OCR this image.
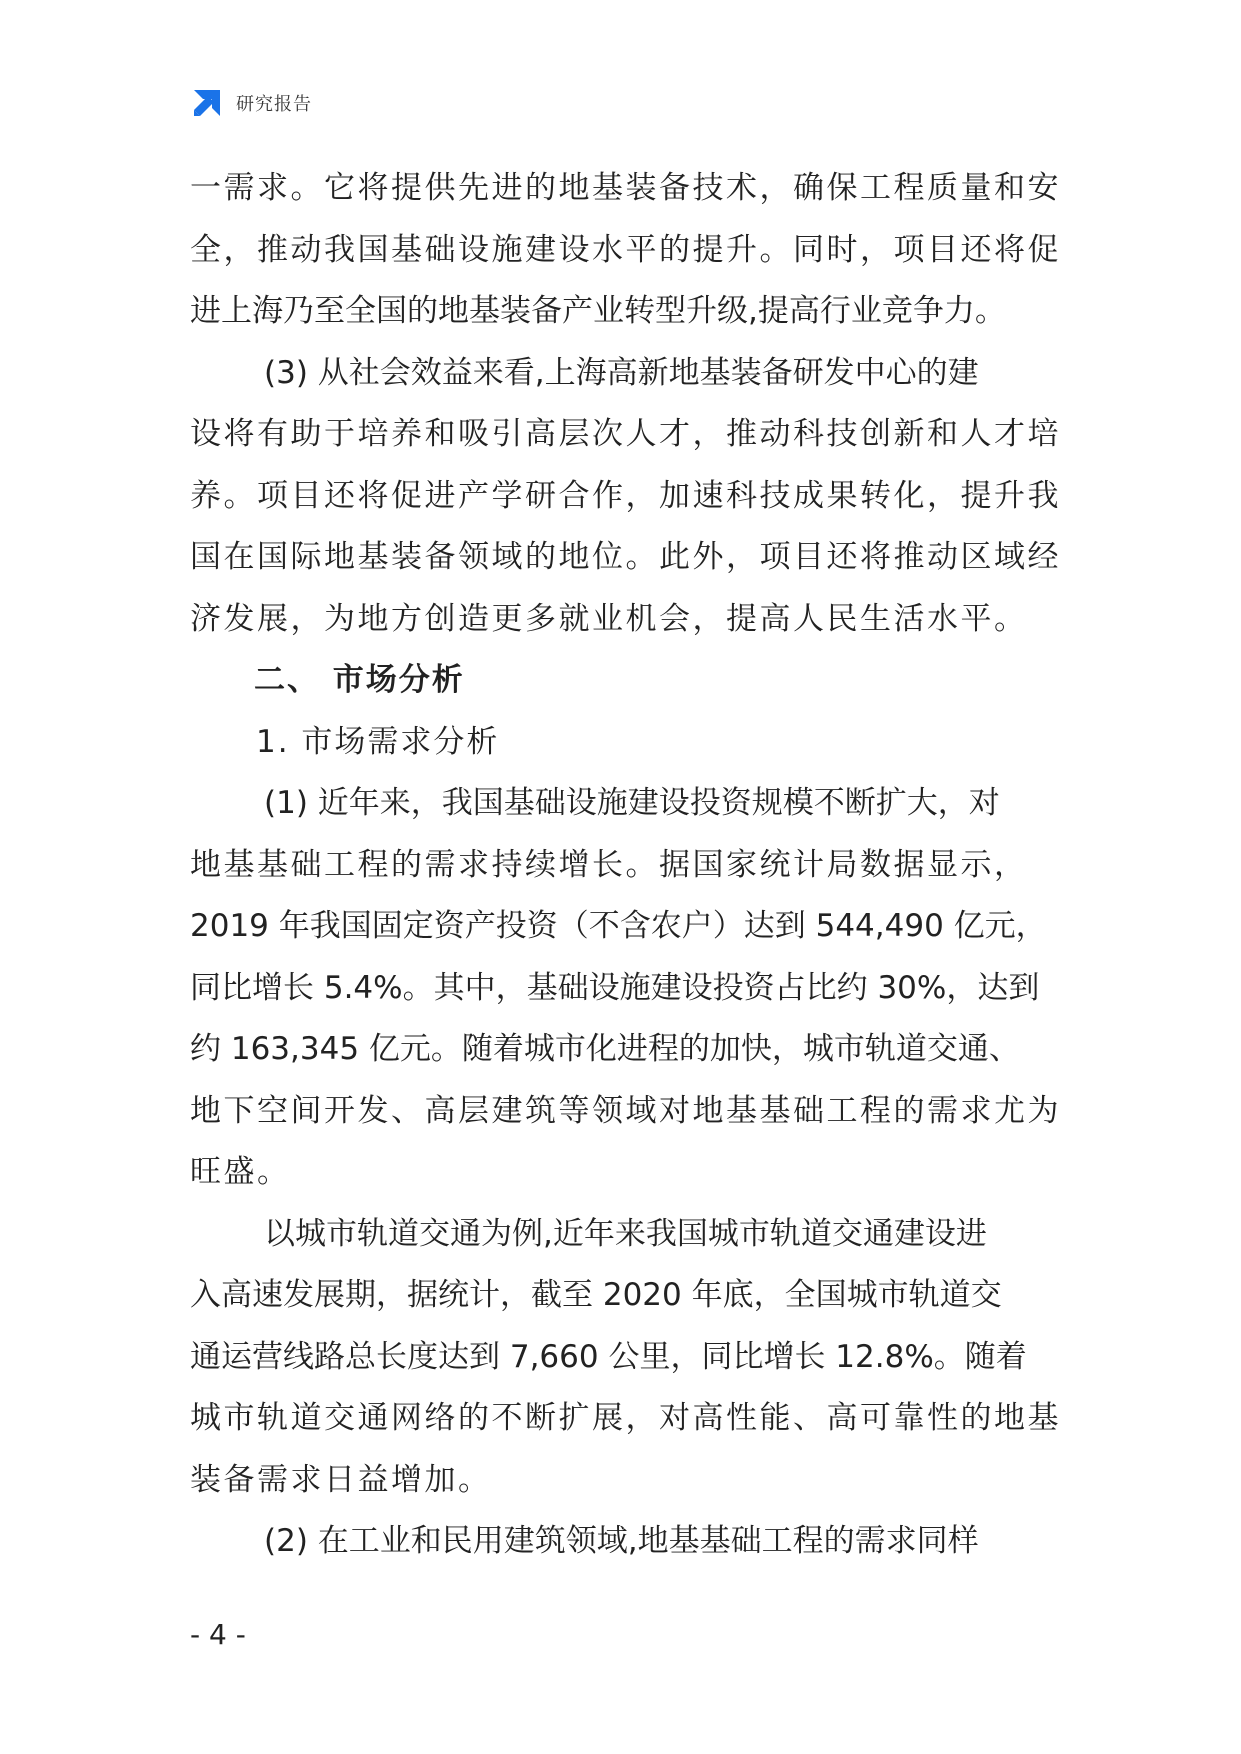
研究报告
一需求。它将提供先进的地基装备技术，确保工程质量和安
全，推动我国基础设施建设水平的提升。同时，项目还将促
进上海乃至全国的地基装备产业转型升级,提高行业竞争力。
(3) 从社会效益来看,上海高新地基装备研发中心的建
设将有助于培养和吸引高层次人才，推动科技创新和人才培
养。项目还将促进产学研合作，加速科技成果转化，提升我
国在国际地基装备领域的地位。此外，项目还将推动区域经
济发展，为地方创造更多就业机会，提高人民生活水平。
二、 市场分析
1. 市场需求分析
(1) 近年来，我国基础设施建设投资规模不断扩大，对
地基基础工程的需求持续增长。据国家统计局数据显示，
2019 年我国固定资产投资（不含农户）达到 544,490 亿元，
同比增长 5.4%。其中，基础设施建设投资占比约 30%，达到
约 163,345 亿元。随着城市化进程的加快，城市轨道交通、
地下空间开发、高层建筑等领域对地基基础工程的需求尤为
旺盛。
以城市轨道交通为例,近年来我国城市轨道交通建设进
入高速发展期，据统计，截至 2020 年底，全国城市轨道交
通运营线路总长度达到 7,660 公里，同比增长 12.8%。随着
城市轨道交通网络的不断扩展，对高性能、高可靠性的地基
装备需求日益增加。
(2) 在工业和民用建筑领域,地基基础工程的需求同样
- 4 -
